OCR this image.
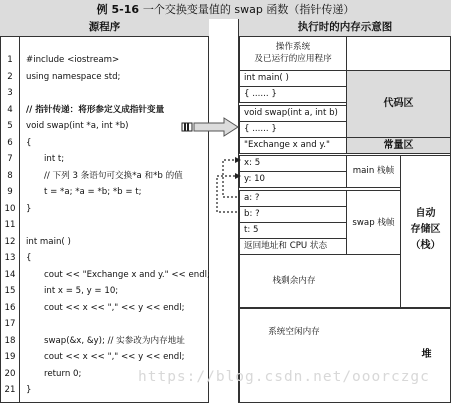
例 5-16 一个交换变量值的 swap 函数（指针传递）
源程序	执行时的内存示意图
1
2
3
4
5
6
7
8
9
10
11
12
13
14
15
16
17
18
19
20
21
#include <iostream>
using namespace std;
// 指针传递：将形参定义成指针变量
void swap(int *a, int *b)
{
int t;
// 下列 3 条语句可交换*a 和*b 的值
t = *a; *a = *b; *b = t;
}
int main( )
{
cout << "Exchange x and y." << endl;
int x = 5, y = 10;
cout << x << "," << y << endl;
swap(&x, &y); // 实参改为内存地址
cout << x << "," << y << endl;
return 0;
}
操作系统
及已运行的应用程序
int main( )
{ ...... }
void swap(int a, int b)
{ ...... }
代码区
"Exchange x and y."	常量区
x: 5
y: 10
main 栈帧
a: ?
b: ?
t: 5
返回地址和 CPU 状态
swap 栈帧
栈剩余内存
自动
存储区
（栈）
系统空闲内存
堆
https://blog.csdn.net/ooorczgc
